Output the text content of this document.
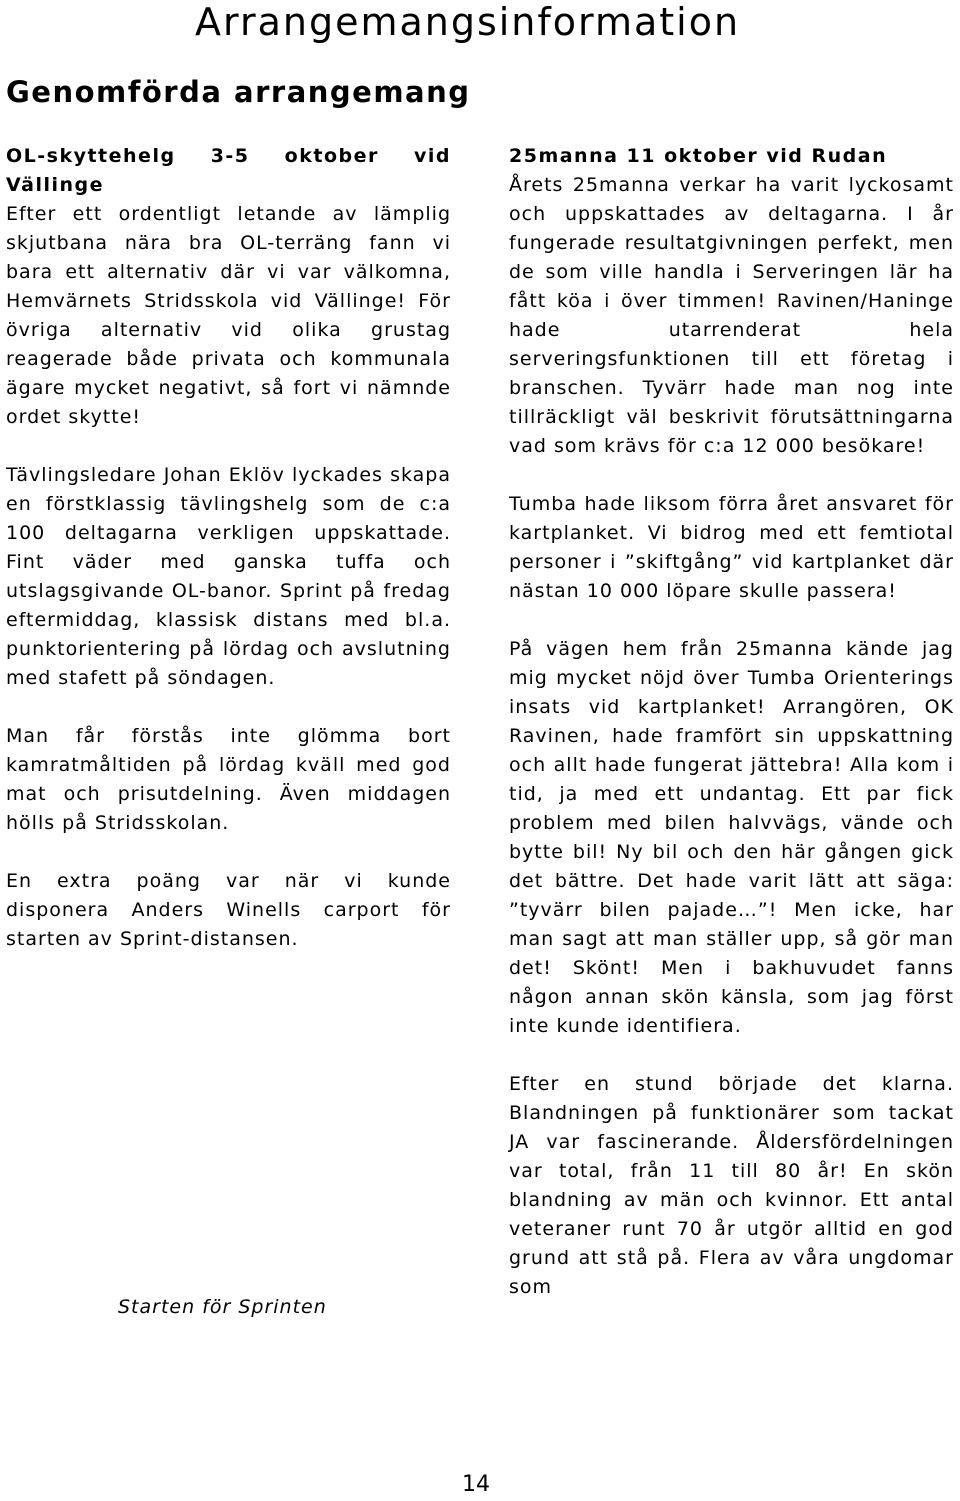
Arrangemangsinformation
Genomförda arrangemang

OL-skyttehelg 3-5 oktober vid Vällinge
Efter ett ordentligt letande av lämplig skjutbana nära bra OL-terräng fann vi bara ett alternativ där vi var välkomna, Hemvärnets Stridsskola vid Vällinge! För övriga alternativ vid olika grustag reagerade både privata och kommunala ägare mycket negativt, så fort vi nämnde ordet skytte!

Tävlingsledare Johan Eklöv lyckades skapa en förstklassig tävlingshelg som de c:a 100 deltagarna verkligen uppskattade. Fint väder med ganska tuffa och utslagsgivande OL-banor. Sprint på fredag eftermiddag, klassisk distans med bl.a. punktorientering på lördag och avslutning med stafett på söndagen.

Man får förstås inte glömma bort kamratmåltiden på lördag kväll med god mat och prisutdelning. Även middagen hölls på Stridsskolan.

En extra poäng var när vi kunde disponera Anders Winells carport för starten av Sprint-distansen.

Starten för Sprinten

25manna 11 oktober vid Rudan
Årets 25manna verkar ha varit lyckosamt och uppskattades av deltagarna. I år fungerade resultatgivningen perfekt, men de som ville handla i Serveringen lär ha fått köa i över timmen! Ravinen/Haninge hade utarrenderat hela serveringsfunktionen till ett företag i branschen. Tyvärr hade man nog inte tillräckligt väl beskrivit förutsättningarna vad som krävs för c:a 12 000 besökare!

Tumba hade liksom förra året ansvaret för kartplanket. Vi bidrog med ett femtiotal personer i ”skiftgång” vid kartplanket där nästan 10 000 löpare skulle passera!

På vägen hem från 25manna kände jag mig mycket nöjd över Tumba Orienterings insats vid kartplanket! Arrangören, OK Ravinen, hade framfört sin uppskattning och allt hade fungerat jättebra! Alla kom i tid, ja med ett undantag. Ett par fick problem med bilen halvvägs, vände och bytte bil! Ny bil och den här gången gick det bättre. Det hade varit lätt att säga: ”tyvärr bilen pajade…”! Men icke, har man sagt att man ställer upp, så gör man det! Skönt! Men i bakhuvudet fanns någon annan skön känsla, som jag först inte kunde identifiera.

Efter en stund började det klarna. Blandningen på funktionärer som tackat JA var fascinerande. Åldersfördelningen var total, från 11 till 80 år! En skön blandning av män och kvinnor. Ett antal veteraner runt 70 år utgör alltid en god grund att stå på. Flera av våra ungdomar som

14
